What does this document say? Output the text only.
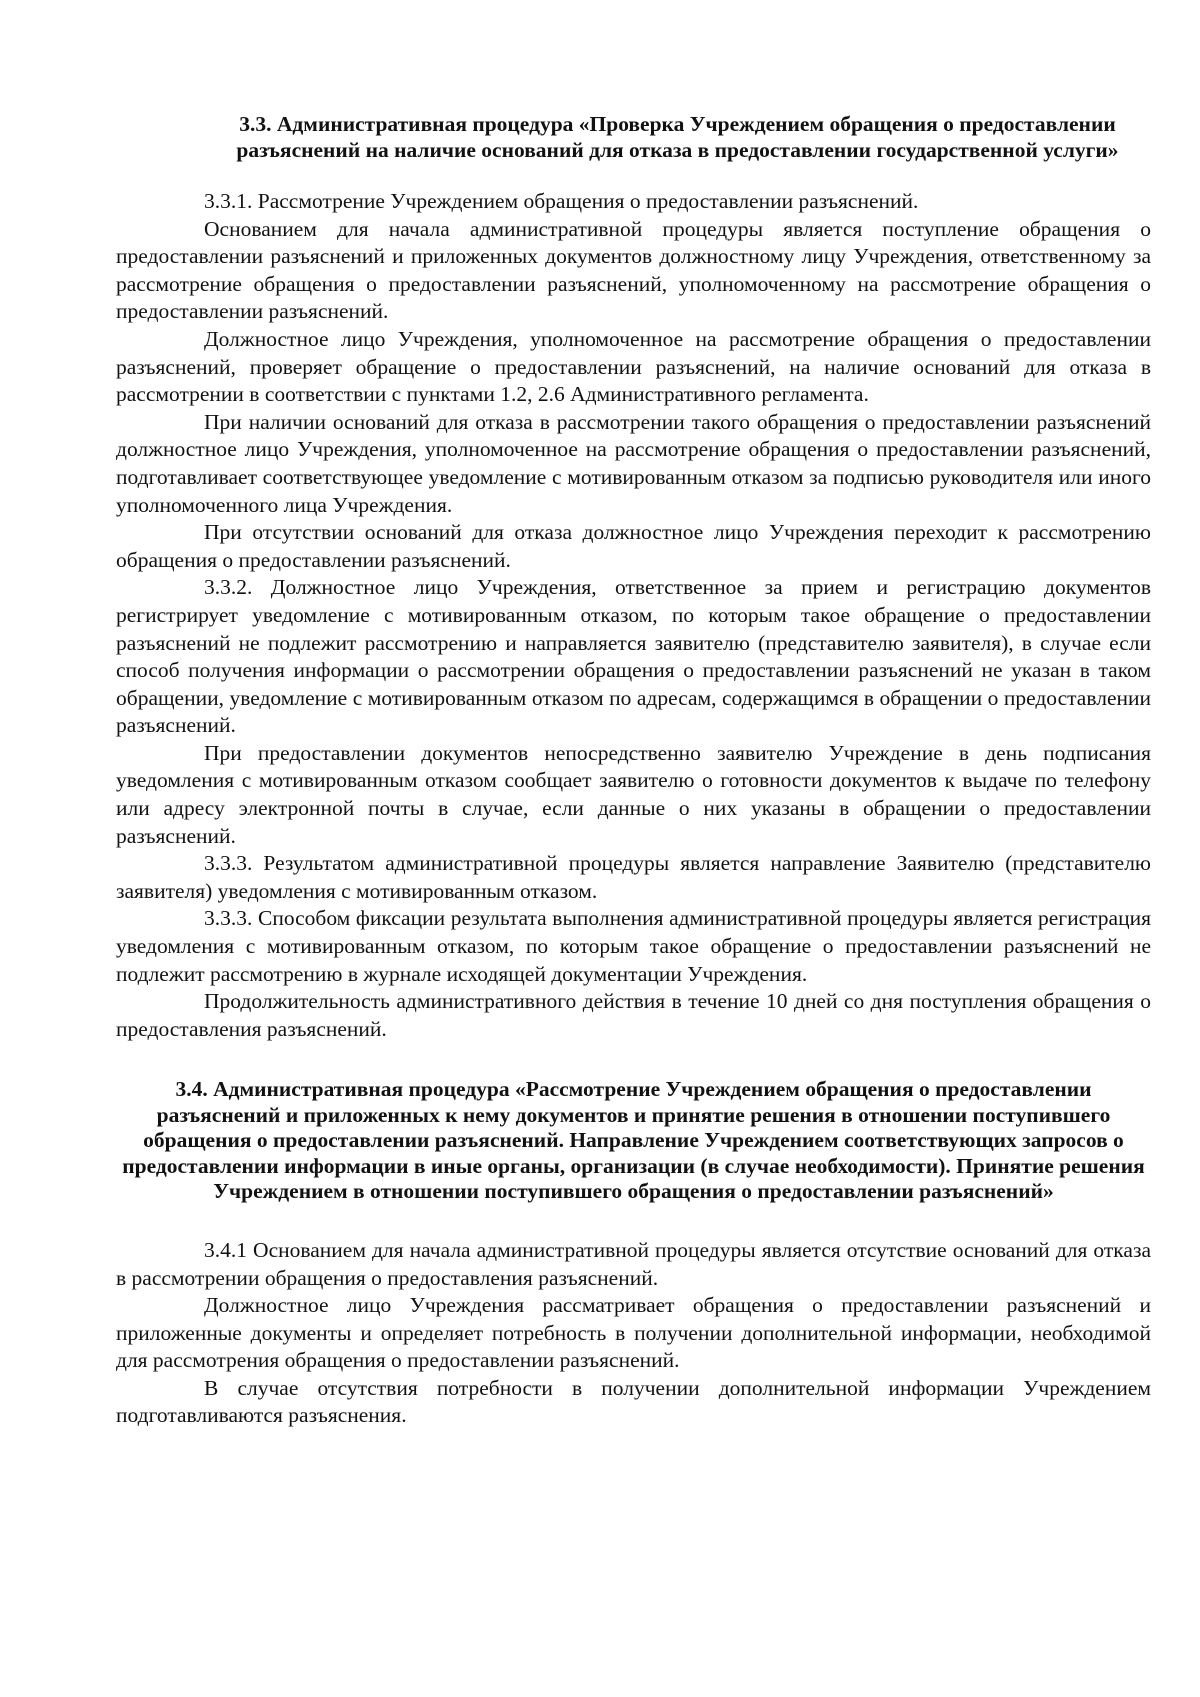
3.3. Административная процедура «Проверка Учреждением обращения о предоставлении разъяснений на наличие оснований для отказа в предоставлении государственной услуги»

3.3.1. Рассмотрение Учреждением обращения о предоставлении разъяснений.

Основанием для начала административной процедуры является поступление обращения о предоставлении разъяснений и приложенных документов должностному лицу Учреждения, ответственному за рассмотрение обращения о предоставлении разъяснений, уполномоченному на рассмотрение обращения о предоставлении разъяснений.

Должностное лицо Учреждения, уполномоченное на рассмотрение обращения о предоставлении разъяснений, проверяет обращение о предоставлении разъяснений, на наличие оснований для отказа в рассмотрении в соответствии с пунктами 1.2, 2.6 Административного регламента.

При наличии оснований для отказа в рассмотрении такого обращения о предоставлении разъяснений должностное лицо Учреждения, уполномоченное на рассмотрение обращения о предоставлении разъяснений, подготавливает соответствующее уведомление с мотивированным отказом за подписью руководителя или иного уполномоченного лица Учреждения.

При отсутствии оснований для отказа должностное лицо Учреждения переходит к рассмотрению обращения о предоставлении разъяснений.

3.3.2. Должностное лицо Учреждения, ответственное за прием и регистрацию документов регистрирует уведомление с мотивированным отказом, по которым такое обращение о предоставлении разъяснений не подлежит рассмотрению и направляется заявителю (представителю заявителя), в случае если способ получения информации о рассмотрении обращения о предоставлении разъяснений не указан в таком обращении, уведомление с мотивированным отказом по адресам, содержащимся в обращении о предоставлении разъяснений.

При предоставлении документов непосредственно заявителю Учреждение в день подписания уведомления с мотивированным отказом сообщает заявителю о готовности документов к выдаче по телефону или адресу электронной почты в случае, если данные о них указаны в обращении о предоставлении разъяснений.

3.3.3. Результатом административной процедуры является направление Заявителю (представителю заявителя) уведомления с мотивированным отказом.

3.3.3. Способом фиксации результата выполнения административной процедуры является регистрация уведомления с мотивированным отказом, по которым такое обращение о предоставлении разъяснений не подлежит рассмотрению в журнале исходящей документации Учреждения.

Продолжительность административного действия в течение 10 дней со дня поступления обращения о предоставления разъяснений.

3.4. Административная процедура «Рассмотрение Учреждением обращения о предоставлении разъяснений и приложенных к нему документов и принятие решения в отношении поступившего обращения о предоставлении разъяснений. Направление Учреждением соответствующих запросов о предоставлении информации в иные органы, организации (в случае необходимости). Принятие решения Учреждением в отношении поступившего обращения о предоставлении разъяснений»

3.4.1 Основанием для начала административной процедуры является отсутствие оснований для отказа в рассмотрении обращения о предоставления разъяснений.

Должностное лицо Учреждения рассматривает обращения о предоставлении разъяснений и приложенные документы и определяет потребность в получении дополнительной информации, необходимой для рассмотрения обращения о предоставлении разъяснений.

В случае отсутствия потребности в получении дополнительной информации Учреждением подготавливаются разъяснения.
